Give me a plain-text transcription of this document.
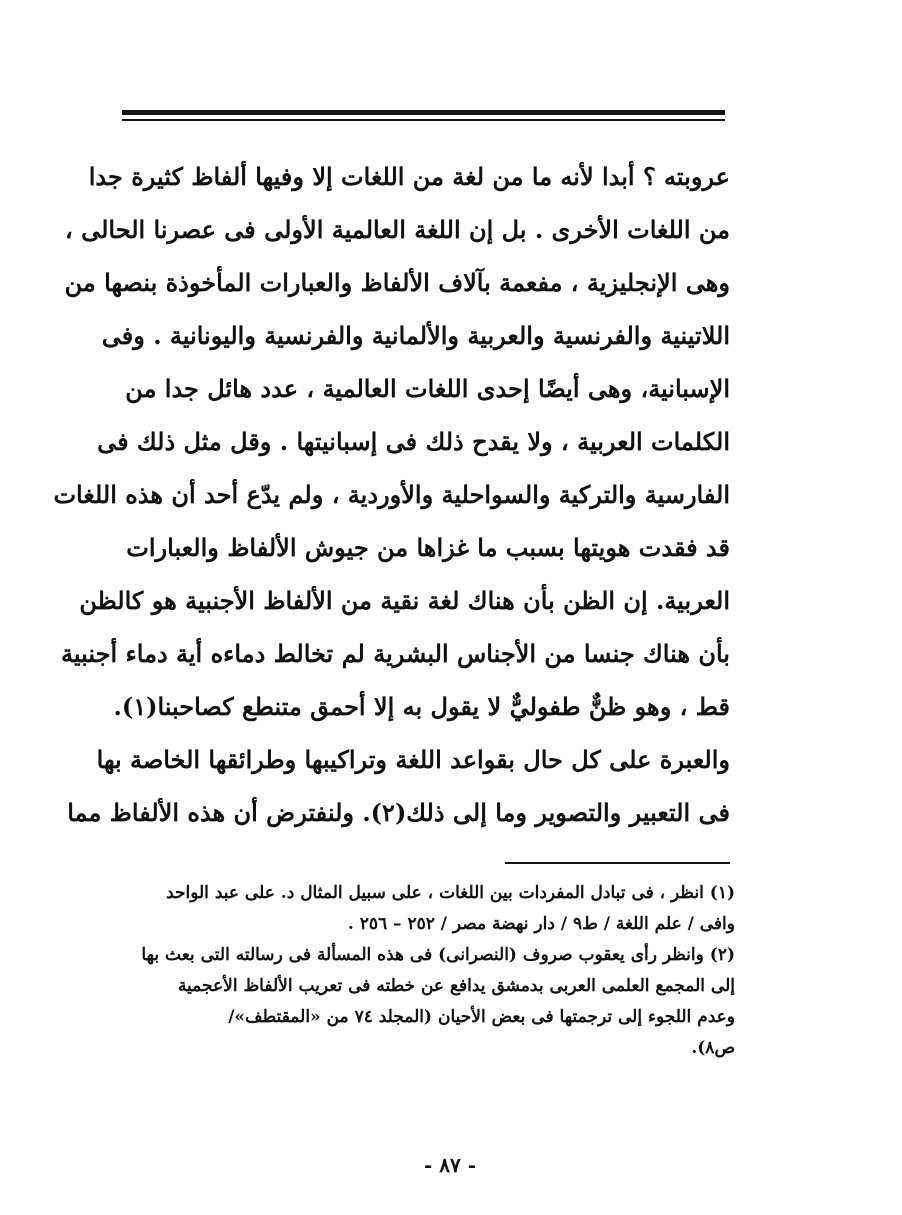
عروبته ؟ أبدا لأنه ما من لغة من اللغات إلا وفيها ألفاظ كثيرة جدا
من اللغات الأخرى . بل إن اللغة العالمية الأولى فى عصرنا الحالى ،
وهى الإنجليزية ، مفعمة بآلاف الألفاظ والعبارات المأخوذة بنصها من
اللاتينية والفرنسية والعربية والألمانية والفرنسية واليونانية . وفى
الإسبانية، وهى أيضًا إحدى اللغات العالمية ، عدد هائل جدا من
الكلمات العربية ، ولا يقدح ذلك فى إسبانيتها . وقل مثل ذلك فى
الفارسية والتركية والسواحلية والأوردية ، ولم يدّع أحد أن هذه اللغات
قد فقدت هويتها بسبب ما غزاها من جيوش الألفاظ والعبارات
العربية. إن الظن بأن هناك لغة نقية من الألفاظ الأجنبية هو كالظن
بأن هناك جنسا من الأجناس البشرية لم تخالط دماءه أية دماء أجنبية
قط ، وهو ظنٌّ طفوليٌّ لا يقول به إلا أحمق متنطع كصاحبنا(١).
والعبرة على كل حال بقواعد اللغة وتراكيبها وطرائقها الخاصة بها
فى التعبير والتصوير وما إلى ذلك(٢). ولنفترض أن هذه الألفاظ مما
(١) انظر ، فى تبادل المفردات بين اللغات ، على سبيل المثال د. على عبد الواحد
وافى / علم اللغة / ط٩ / دار نهضة مصر / ٢٥٢ – ٢٥٦ .
(٢) وانظر رأى يعقوب صروف (النصرانى) فى هذه المسألة فى رسالته التى بعث بها
إلى المجمع العلمى العربى بدمشق يدافع عن خطته فى تعريب الألفاظ الأعجمية
وعدم اللجوء إلى ترجمتها فى بعض الأحيان (المجلد ٧٤ من «المقتطف»/
ص٨).
- ٨٧ -
